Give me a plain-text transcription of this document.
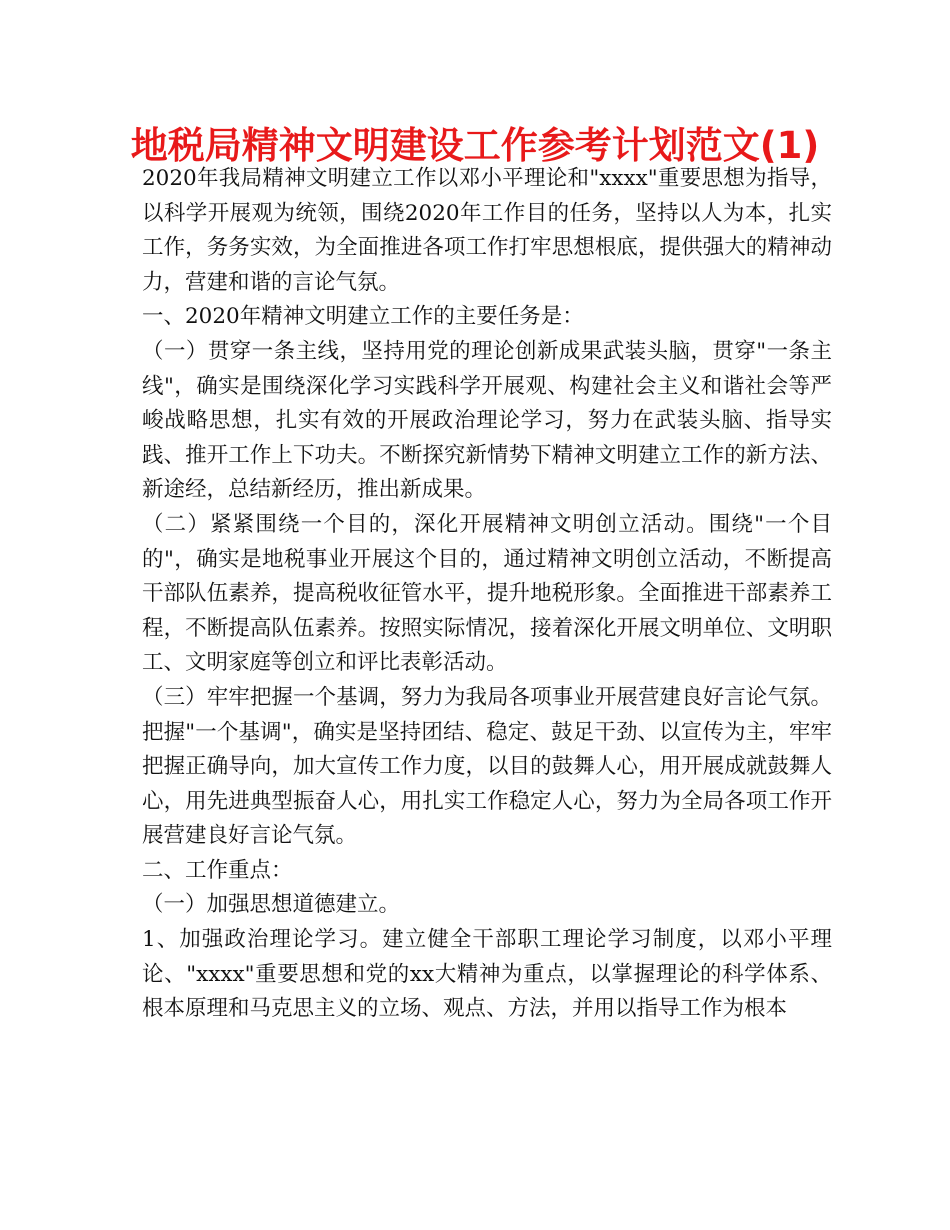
地税局精神文明建设工作参考计划范文(1)

2020年我局精神文明建立工作以邓小平理论和"xxxx"重要思想为指导，以科学开展观为统领，围绕2020年工作目的任务，坚持以人为本，扎实工作，务务实效，为全面推进各项工作打牢思想根底，提供强大的精神动力，营建和谐的言论气氛。

一、2020年精神文明建立工作的主要任务是：

（一）贯穿一条主线，坚持用党的理论创新成果武装头脑，贯穿"一条主线"，确实是围绕深化学习实践科学开展观、构建社会主义和谐社会等严峻战略思想，扎实有效的开展政治理论学习，努力在武装头脑、指导实践、推开工作上下功夫。不断探究新情势下精神文明建立工作的新方法、新途经，总结新经历，推出新成果。

（二）紧紧围绕一个目的，深化开展精神文明创立活动。围绕"一个目的"，确实是地税事业开展这个目的，通过精神文明创立活动，不断提高干部队伍素养，提高税收征管水平，提升地税形象。全面推进干部素养工程，不断提高队伍素养。按照实际情况，接着深化开展文明单位、文明职工、文明家庭等创立和评比表彰活动。

（三）牢牢把握一个基调，努力为我局各项事业开展营建良好言论气氛。把握"一个基调"，确实是坚持团结、稳定、鼓足干劲、以宣传为主，牢牢把握正确导向，加大宣传工作力度，以目的鼓舞人心，用开展成就鼓舞人心，用先进典型振奋人心，用扎实工作稳定人心，努力为全局各项工作开展营建良好言论气氛。

二、工作重点：

（一）加强思想道德建立。

1、加强政治理论学习。建立健全干部职工理论学习制度，以邓小平理论、"xxxx"重要思想和党的xx大精神为重点，以掌握理论的科学体系、根本原理和马克思主义的立场、观点、方法，并用以指导工作为根本
